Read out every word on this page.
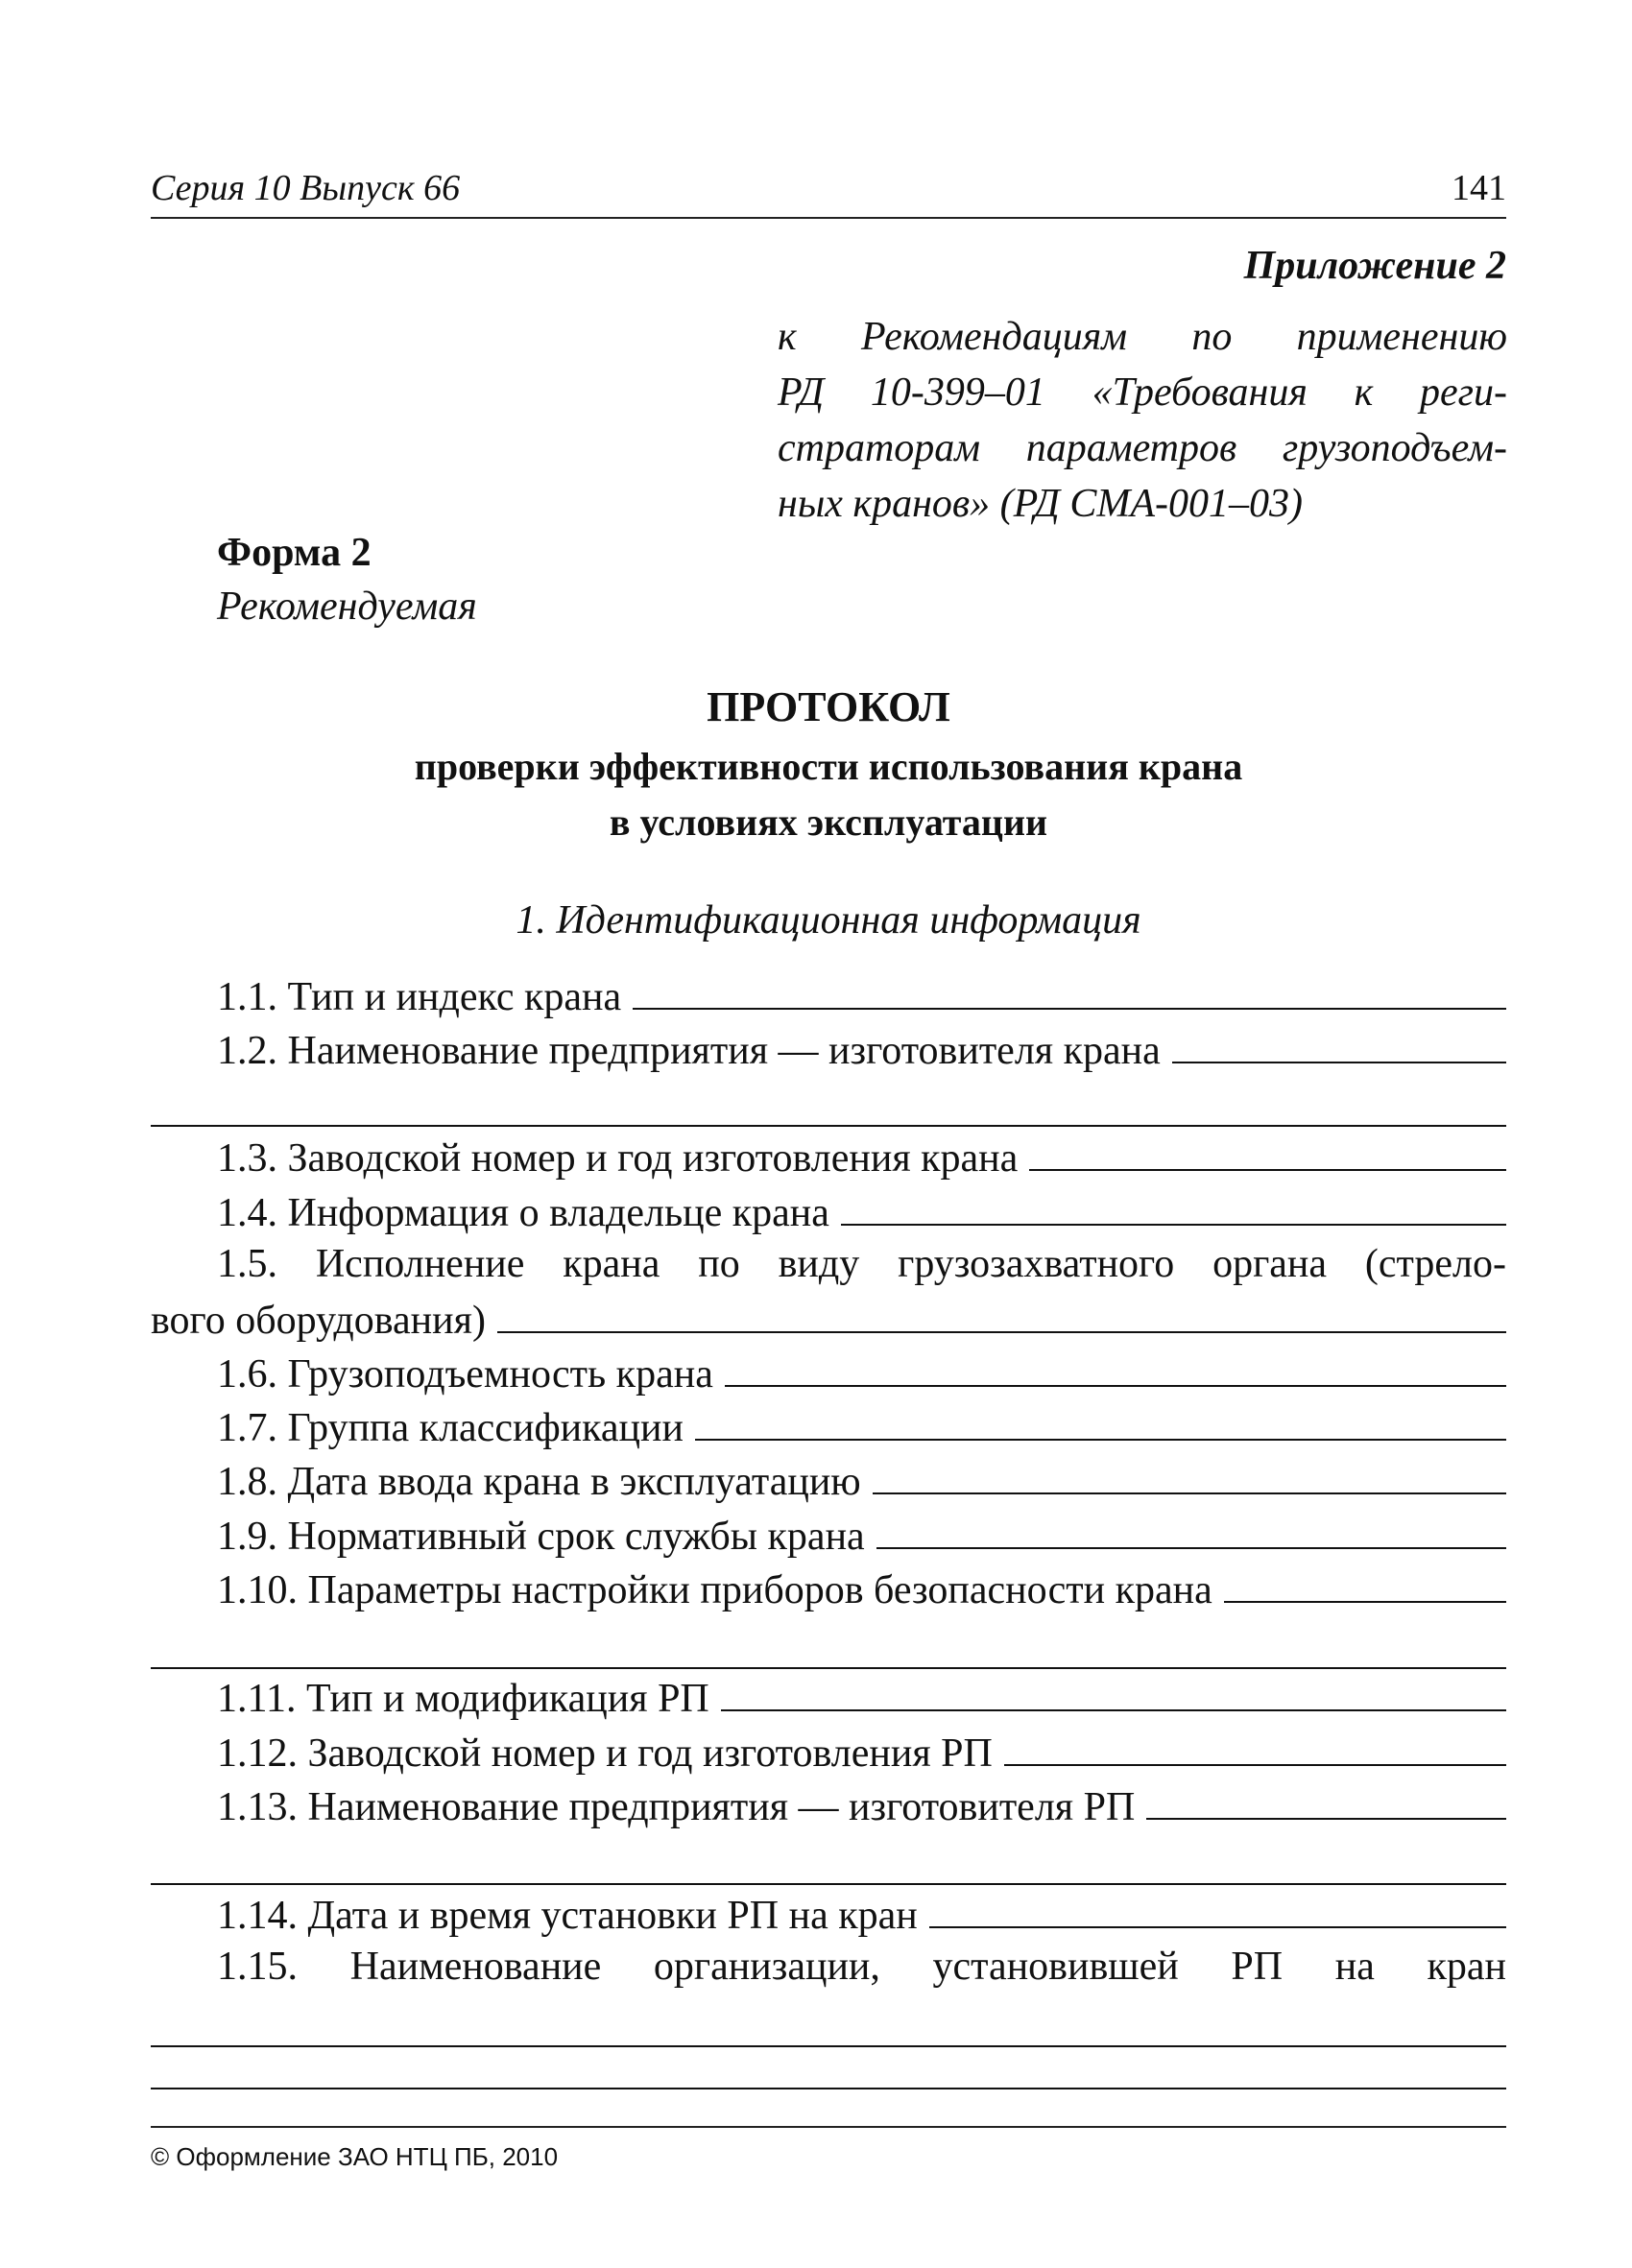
Серия 10 Выпуск 66	141
Приложение 2
к Рекомендациям по применению
РД 10-399–01 «Требования к реги-
страторам параметров грузоподъем-
ных кранов» (РД СМА-001–03)
Форма 2
Рекомендуемая
ПРОТОКОЛ
проверки эффективности использования крана
в условиях эксплуатации
1. Идентификационная информация
1.1. Тип и индекс крана
1.2. Наименование предприятия — изготовителя крана
1.3. Заводской номер и год изготовления крана
1.4. Информация о владельце крана
1.5. Исполнение крана по виду грузозахватного органа (стрело-
вого оборудования)
1.6. Грузоподъемность крана
1.7. Группа классификации
1.8. Дата ввода крана в эксплуатацию
1.9. Нормативный срок службы крана
1.10. Параметры настройки приборов безопасности крана
1.11. Тип и модификация РП
1.12. Заводской номер и год изготовления РП
1.13. Наименование предприятия — изготовителя РП
1.14. Дата и время установки РП на кран
1.15. Наименование организации, установившей РП на кран
© Оформление ЗАО НТЦ ПБ, 2010
